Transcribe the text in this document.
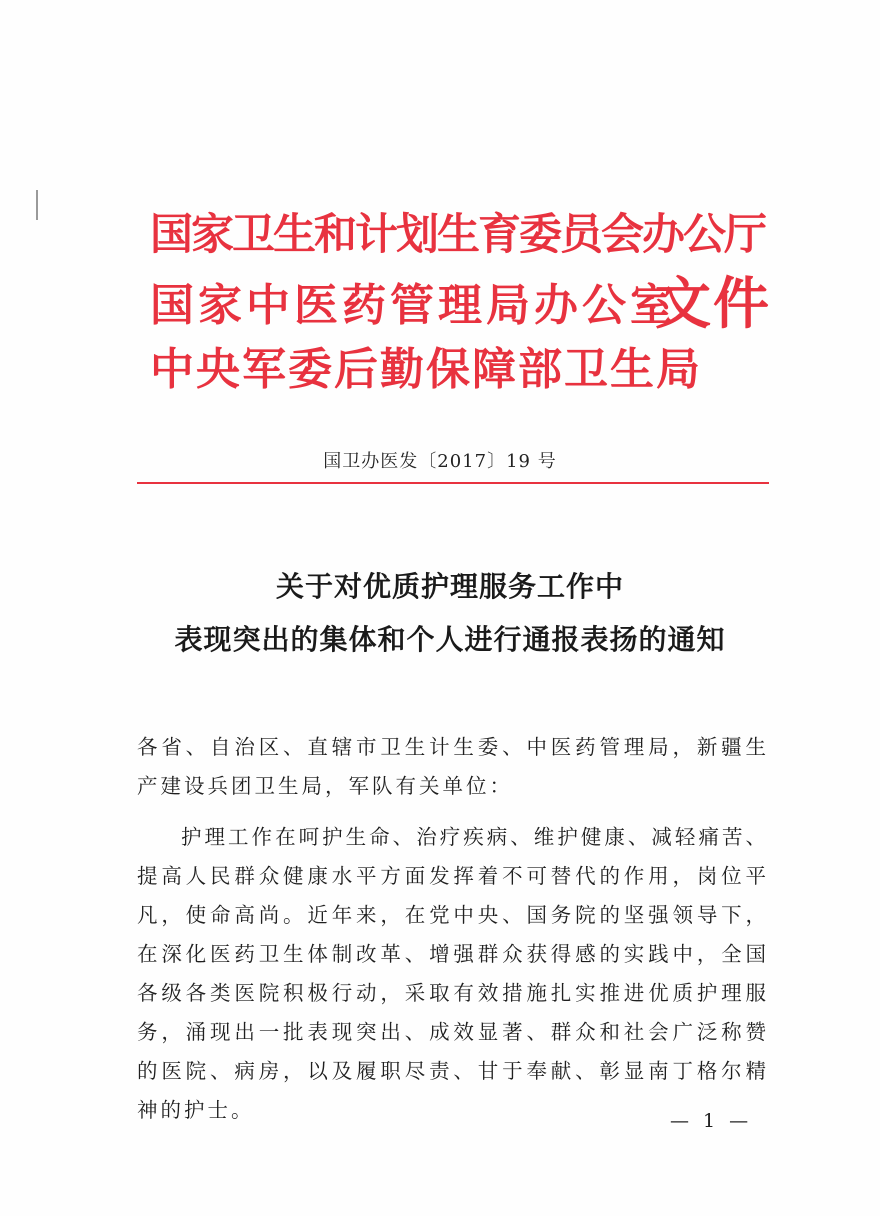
国家卫生和计划生育委员会办公厅
国家中医药管理局办公室
中央军委后勤保障部卫生局
文件
国卫办医发〔2017〕19 号
关于对优质护理服务工作中
表现突出的集体和个人进行通报表扬的通知
各省、自治区、直辖市卫生计生委、中医药管理局，新疆生产建设兵团卫生局，军队有关单位：
护理工作在呵护生命、治疗疾病、维护健康、减轻痛苦、提高人民群众健康水平方面发挥着不可替代的作用，岗位平凡，使命高尚。近年来，在党中央、国务院的坚强领导下，在深化医药卫生体制改革、增强群众获得感的实践中，全国各级各类医院积极行动，采取有效措施扎实推进优质护理服务，涌现出一批表现突出、成效显著、群众和社会广泛称赞的医院、病房，以及履职尽责、甘于奉献、彰显南丁格尔精神的护士。	— 1 —
